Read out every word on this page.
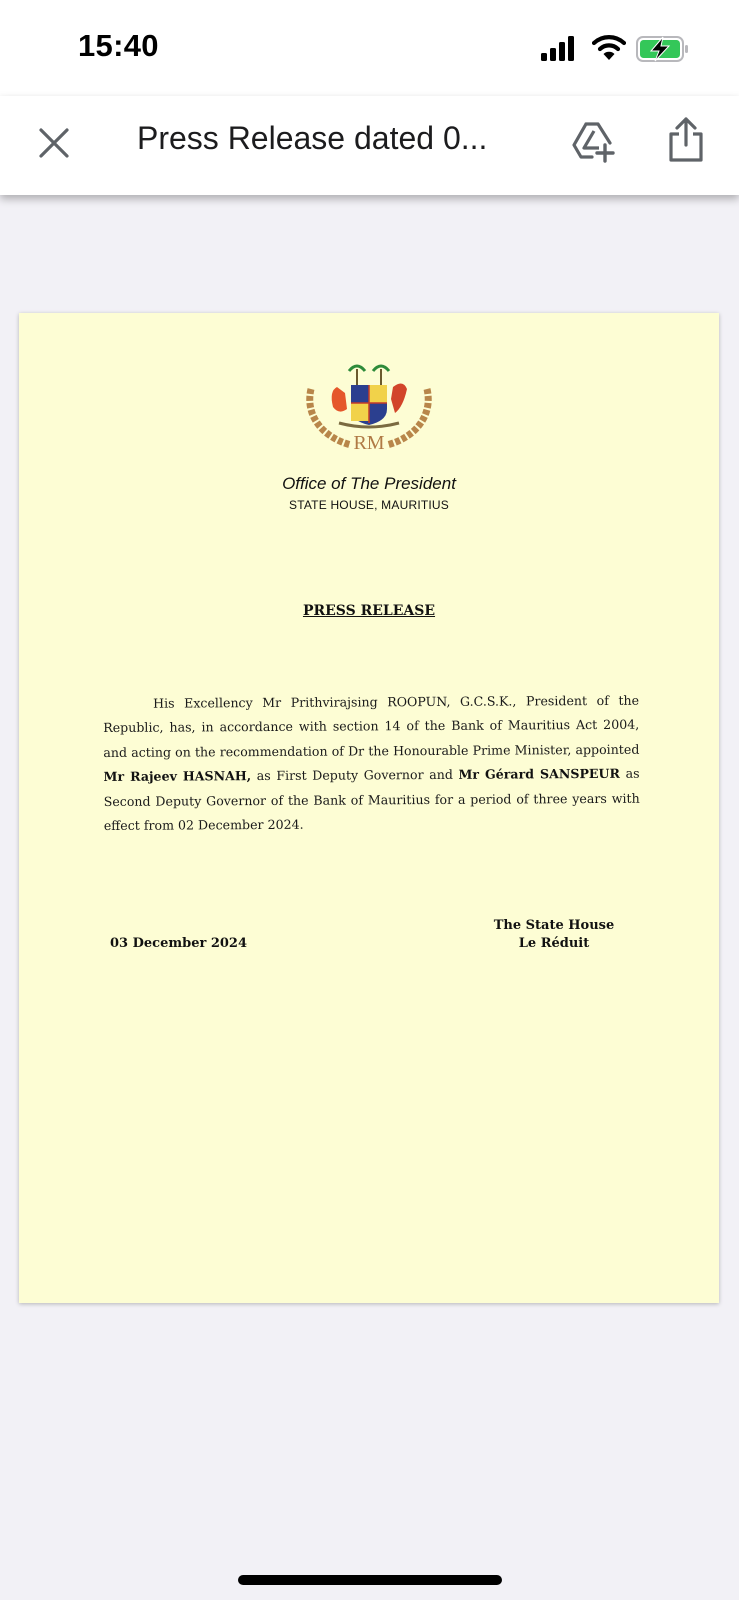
15:40
Press Release dated 0...
RM
Office of The President
STATE HOUSE, MAURITIUS
PRESS RELEASE
His Excellency Mr Prithvirajsing ROOPUN, G.C.S.K., President of the Republic, has, in accordance with section 14 of the Bank of Mauritius Act 2004, and acting on the recommendation of Dr the Honourable Prime Minister, appointed Mr Rajeev HASNAH, as First Deputy Governor and Mr Gérard SANSPEUR as Second Deputy Governor of the Bank of Mauritius for a period of three years with effect from 02 December 2024.
03 December 2024
The State House
Le Réduit
